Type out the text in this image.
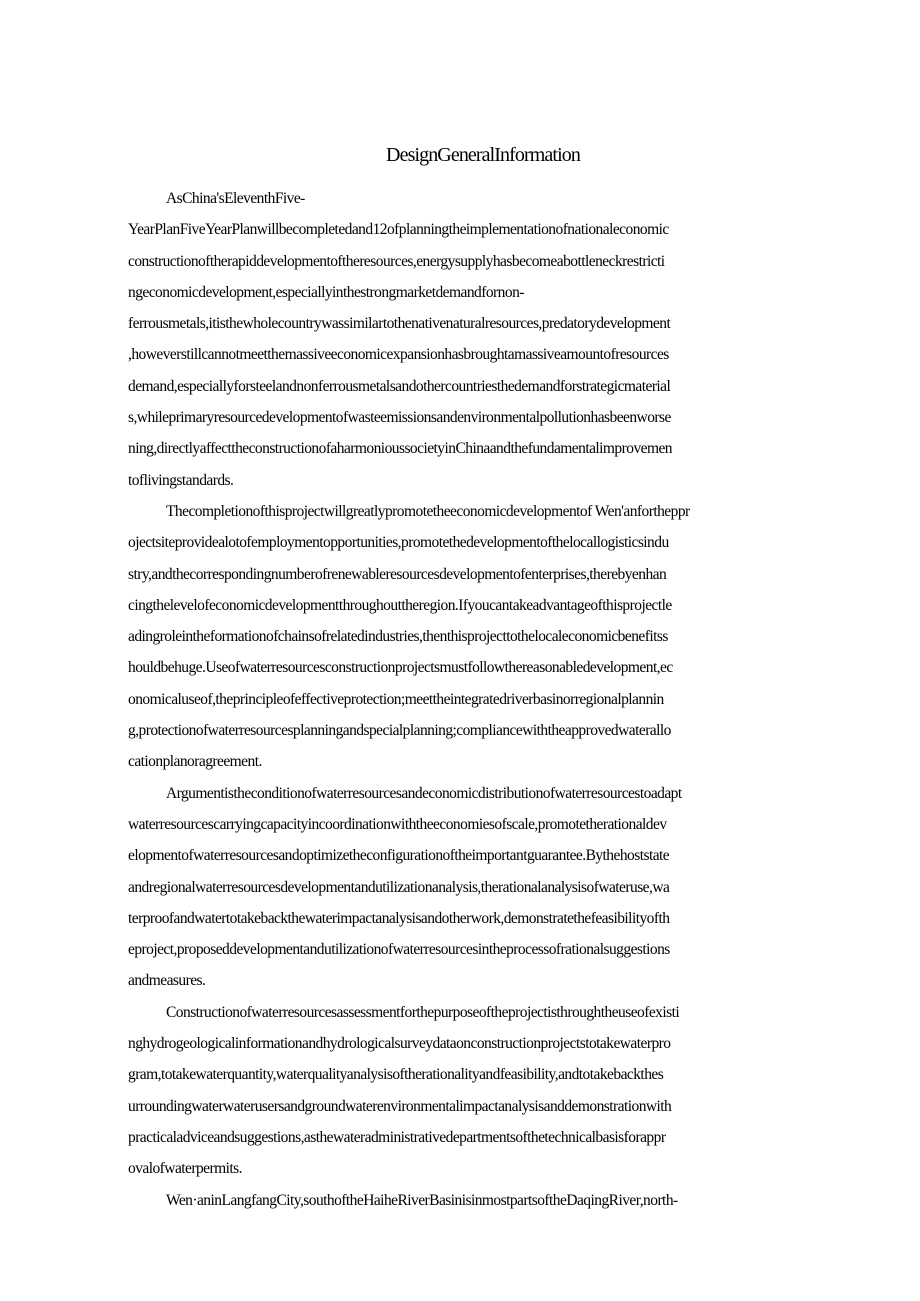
DesignGeneralInformation
AsChina'sEleventhFive-
YearPlanFiveYearPlanwillbecompletedand12ofplanningtheimplementationofnationaleconomic
constructionoftherapiddevelopmentoftheresources,energysupplyhasbecomeabottleneckrestricti
ngeconomicdevelopment,especiallyinthestrongmarketdemandfornon-
ferrousmetals,itisthewholecountrywassimilartothenativenaturalresources,predatorydevelopment
,howeverstillcannotmeetthemassiveeconomicexpansionhasbroughtamassiveamountofresources
demand,especiallyforsteelandnonferrousmetalsandothercountriesthedemandforstrategicmaterial
s,whileprimaryresourcedevelopmentofwasteemissionsandenvironmentalpollutionhasbeenworse
ning,directlyaffecttheconstructionofaharmonioussocietyinChinaandthefundamentalimprovemen
toflivingstandards.
Thecompletionofthisprojectwillgreatlypromotetheeconomicdevelopmentof Wen'anfortheppr
ojectsiteprovidealotofemploymentopportunities,promotethedevelopmentofthelocallogisticsindu
stry,andthecorrespondingnumberofrenewableresourcesdevelopmentofenterprises,therebyenhan
cingthelevelofeconomicdevelopmentthroughouttheregion.Ifyoucantakeadvantageofthisprojectle
adingroleintheformationofchainsofrelatedindustries,thenthisprojecttothelocaleconomicbenefitss
houldbehuge.Useofwaterresourcesconstructionprojectsmustfollowthereasonabledevelopment,ec
onomicaluseof,theprincipleofeffectiveprotection;meettheintegratedriverbasinorregionalplannin
g,protectionofwaterresourcesplanningandspecialplanning;compliancewiththeapprovedwaterallo
cationplanoragreement.
Argumentistheconditionofwaterresourcesandeconomicdistributionofwaterresourcestoadapt
waterresourcescarryingcapacityincoordinationwiththeeconomiesofscale,promotetherationaldev
elopmentofwaterresourcesandoptimizetheconfigurationoftheimportantguarantee.Bythehoststate
andregionalwaterresourcesdevelopmentandutilizationanalysis,therationalanalysisofwateruse,wa
terproofandwatertotakebackthewaterimpactanalysisandotherwork,demonstratethefeasibilityofth
eproject,proposeddevelopmentandutilizationofwaterresourcesintheprocessofrationalsuggestions
andmeasures.
Constructionofwaterresourcesassessmentforthepurposeoftheprojectisthroughtheuseofexisti
nghydrogeologicalinformationandhydrologicalsurveydataonconstructionprojectstotakewaterpro
gram,totakewaterquantity,waterqualityanalysisoftherationalityandfeasibility,andtotakebackthes
urroundingwaterwaterusersandgroundwaterenvironmentalimpactanalysisanddemonstrationwith
practicaladviceandsuggestions,asthewateradministrativedepartmentsofthetechnicalbasisforappr
ovalofwaterpermits.
Wen·aninLangfangCity,southoftheHaiheRiverBasinisinmostpartsoftheDaqingRiver,north-
